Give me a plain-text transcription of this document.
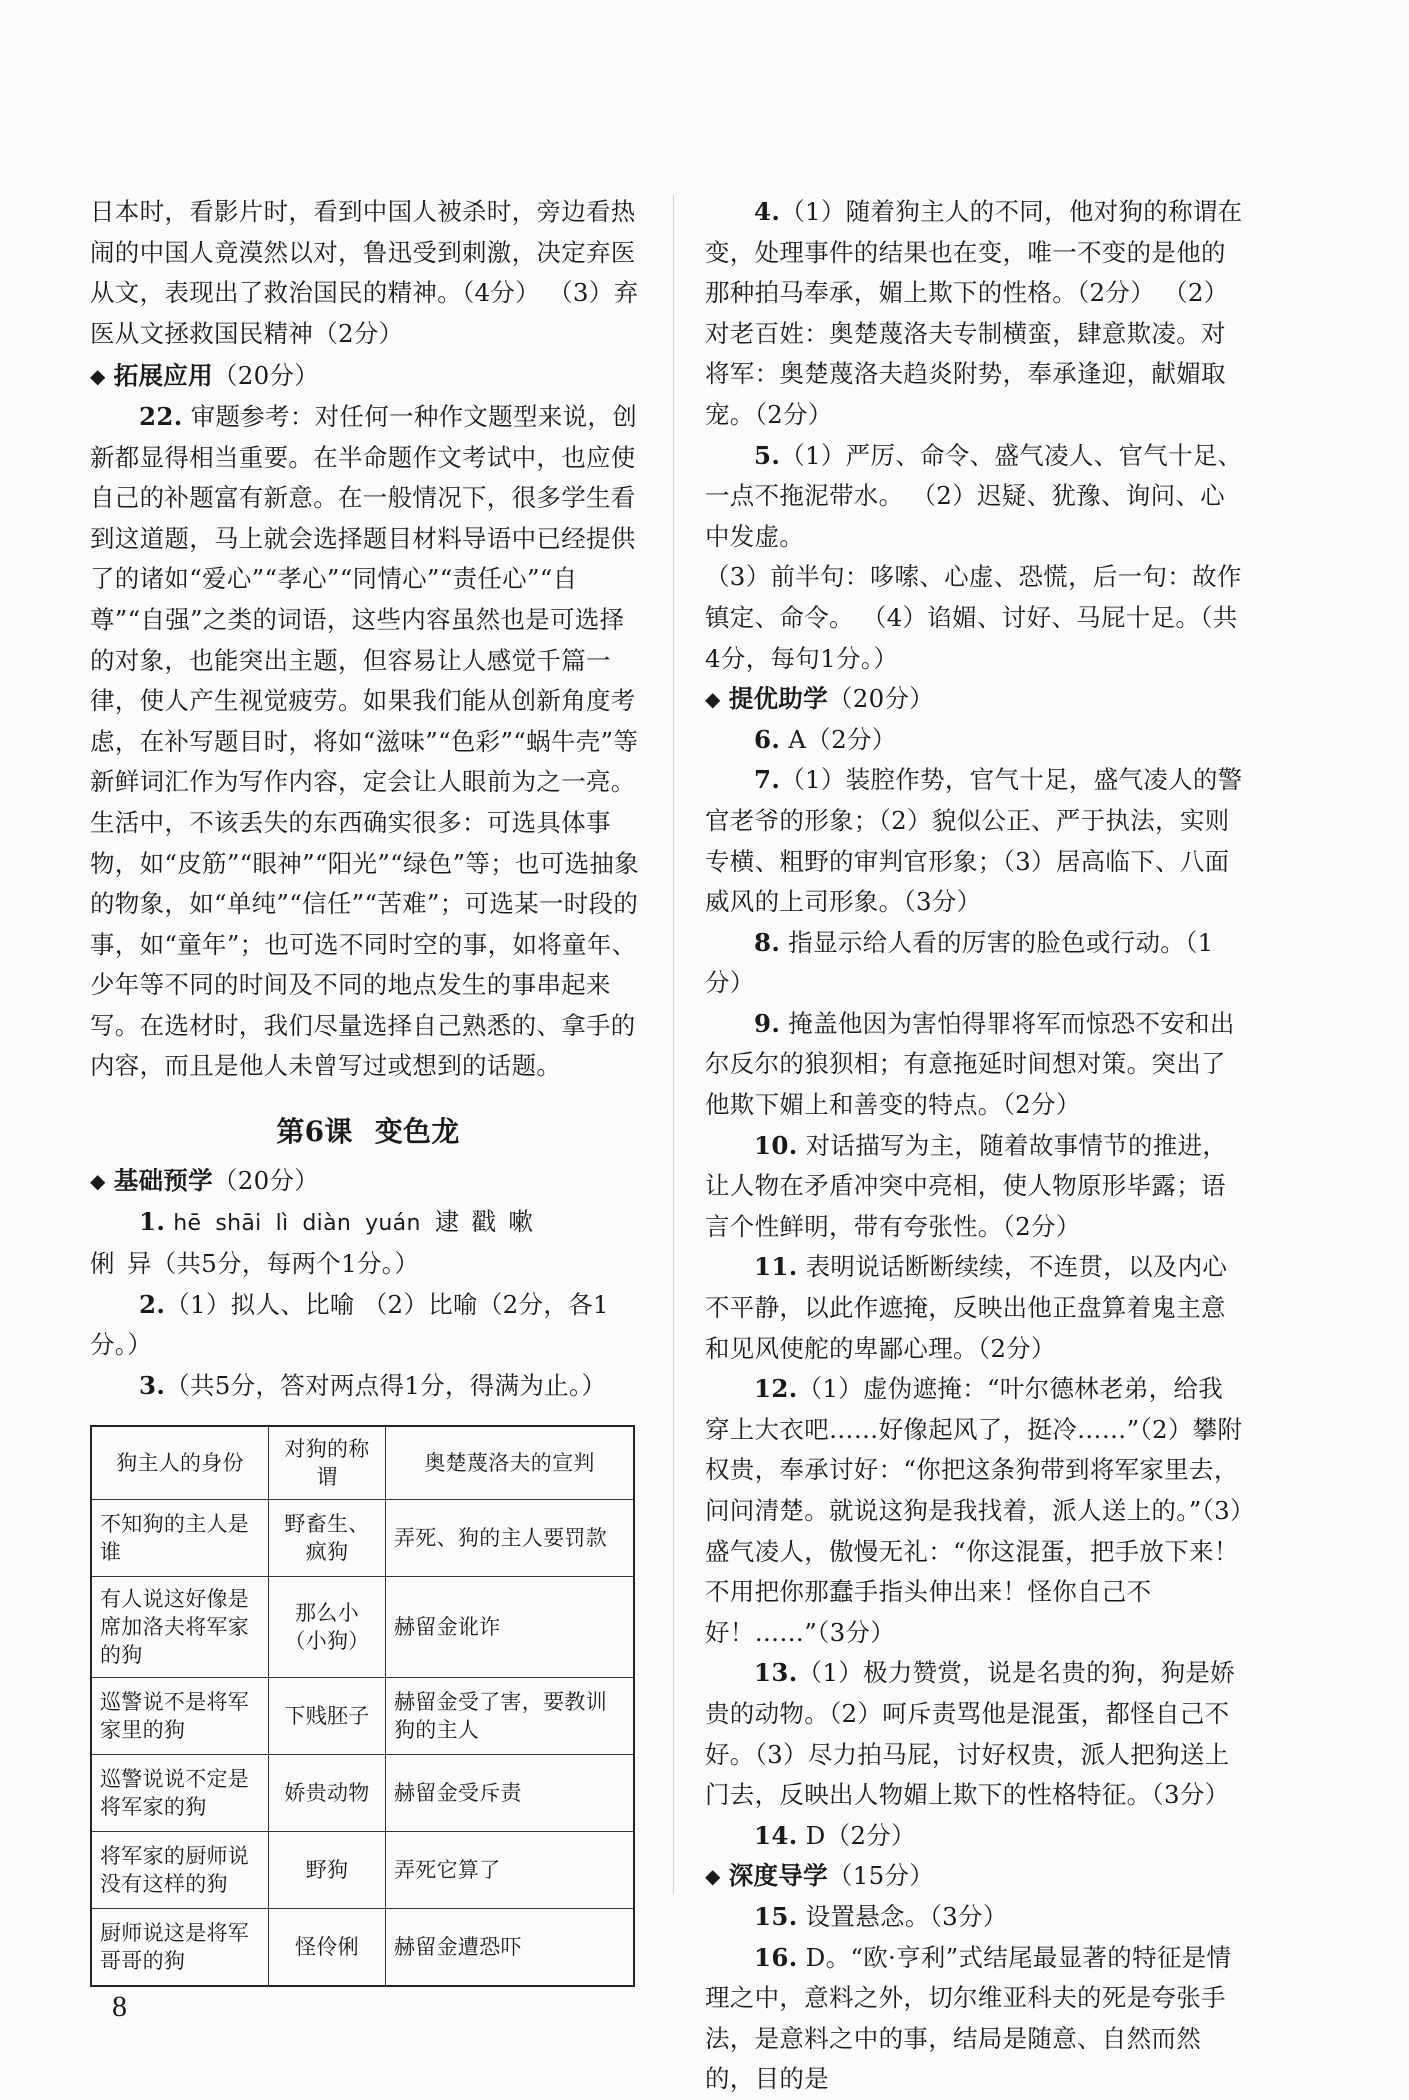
日本时，看影片时，看到中国人被杀时，旁边看热闹的中国人竟漠然以对，鲁迅受到刺激，决定弃医从文，表现出了救治国民的精神。（4分） （3）弃医从文拯救国民精神（2分）

◆ 拓展应用（20分）

22. 审题参考：对任何一种作文题型来说，创新都显得相当重要。在半命题作文考试中，也应使自己的补题富有新意。在一般情况下，很多学生看到这道题，马上就会选择题目材料导语中已经提供了的诸如“爱心”“孝心”“同情心”“责任心”“自尊”“自强”之类的词语，这些内容虽然也是可选择的对象，也能突出主题，但容易让人感觉千篇一律，使人产生视觉疲劳。如果我们能从创新角度考虑，在补写题目时，将如“滋味”“色彩”“蜗牛壳”等新鲜词汇作为写作内容，定会让人眼前为之一亮。生活中，不该丢失的东西确实很多：可选具体事物，如“皮筋”“眼神”“阳光”“绿色”等；也可选抽象的物象，如“单纯”“信任”“苦难”；可选某一时段的事，如“童年”；也可选不同时空的事，如将童年、少年等不同的时间及不同的地点发生的事串起来写。在选材时，我们尽量选择自己熟悉的、拿手的内容，而且是他人未曾写过或想到的话题。

第6课 变色龙

◆ 基础预学（20分）

1. hē shāi lì diàn yuán 逮 戳 嗽
俐 异（共5分，每两个1分。）

2.（1）拟人、比喻 （2）比喻（2分，各1分。）

3.（共5分，答对两点得1分，得满为止。）

狗主人的身份	对狗的称谓	奥楚蔑洛夫的宣判
不知狗的主人是谁	野畜生、疯狗	弄死、狗的主人要罚款
有人说这好像是席加洛夫将军家的狗	那么小（小狗）	赫留金讹诈
巡警说不是将军家里的狗	下贱胚子	赫留金受了害，要教训狗的主人
巡警说说不定是将军家的狗	娇贵动物	赫留金受斥责
将军家的厨师说没有这样的狗	野狗	弄死它算了
厨师说这是将军哥哥的狗	怪伶俐	赫留金遭恐吓

4.（1）随着狗主人的不同，他对狗的称谓在变，处理事件的结果也在变，唯一不变的是他的那种拍马奉承，媚上欺下的性格。（2分） （2）对老百姓：奥楚蔑洛夫专制横蛮，肆意欺凌。对将军：奥楚蔑洛夫趋炎附势，奉承逢迎，献媚取宠。（2分）

5.（1）严厉、命令、盛气凌人、官气十足、一点不拖泥带水。 （2）迟疑、犹豫、询问、心中发虚。

（3）前半句：哆嗦、心虚、恐慌，后一句：故作镇定、命令。 （4）谄媚、讨好、马屁十足。（共4分，每句1分。）

◆ 提优助学（20分）

6. A（2分）

7.（1）装腔作势，官气十足，盛气凌人的警官老爷的形象；（2）貌似公正、严于执法，实则专横、粗野的审判官形象；（3）居高临下、八面威风的上司形象。（3分）

8. 指显示给人看的厉害的脸色或行动。（1分）

9. 掩盖他因为害怕得罪将军而惊恐不安和出尔反尔的狼狈相；有意拖延时间想对策。突出了他欺下媚上和善变的特点。（2分）

10. 对话描写为主，随着故事情节的推进，让人物在矛盾冲突中亮相，使人物原形毕露；语言个性鲜明，带有夸张性。（2分）

11. 表明说话断断续续，不连贯，以及内心不平静，以此作遮掩，反映出他正盘算着鬼主意和见风使舵的卑鄙心理。（2分）

12.（1）虚伪遮掩：“叶尔德林老弟，给我穿上大衣吧……好像起风了，挺冷……”（2）攀附权贵，奉承讨好：“你把这条狗带到将军家里去，问问清楚。就说这狗是我找着，派人送上的。”（3）盛气凌人，傲慢无礼：“你这混蛋，把手放下来！不用把你那蠢手指头伸出来！怪你自己不好！……”（3分）

13.（1）极力赞赏，说是名贵的狗，狗是娇贵的动物。（2）呵斥责骂他是混蛋，都怪自己不好。（3）尽力拍马屁，讨好权贵，派人把狗送上门去，反映出人物媚上欺下的性格特征。（3分）

14. D（2分）

◆ 深度导学（15分）

15. 设置悬念。（3分）

16. D。“欧·亨利”式结尾最显著的特征是情理之中，意料之外，切尔维亚科夫的死是夸张手法，是意料之中的事，结局是随意、自然而然的，目的是

8
